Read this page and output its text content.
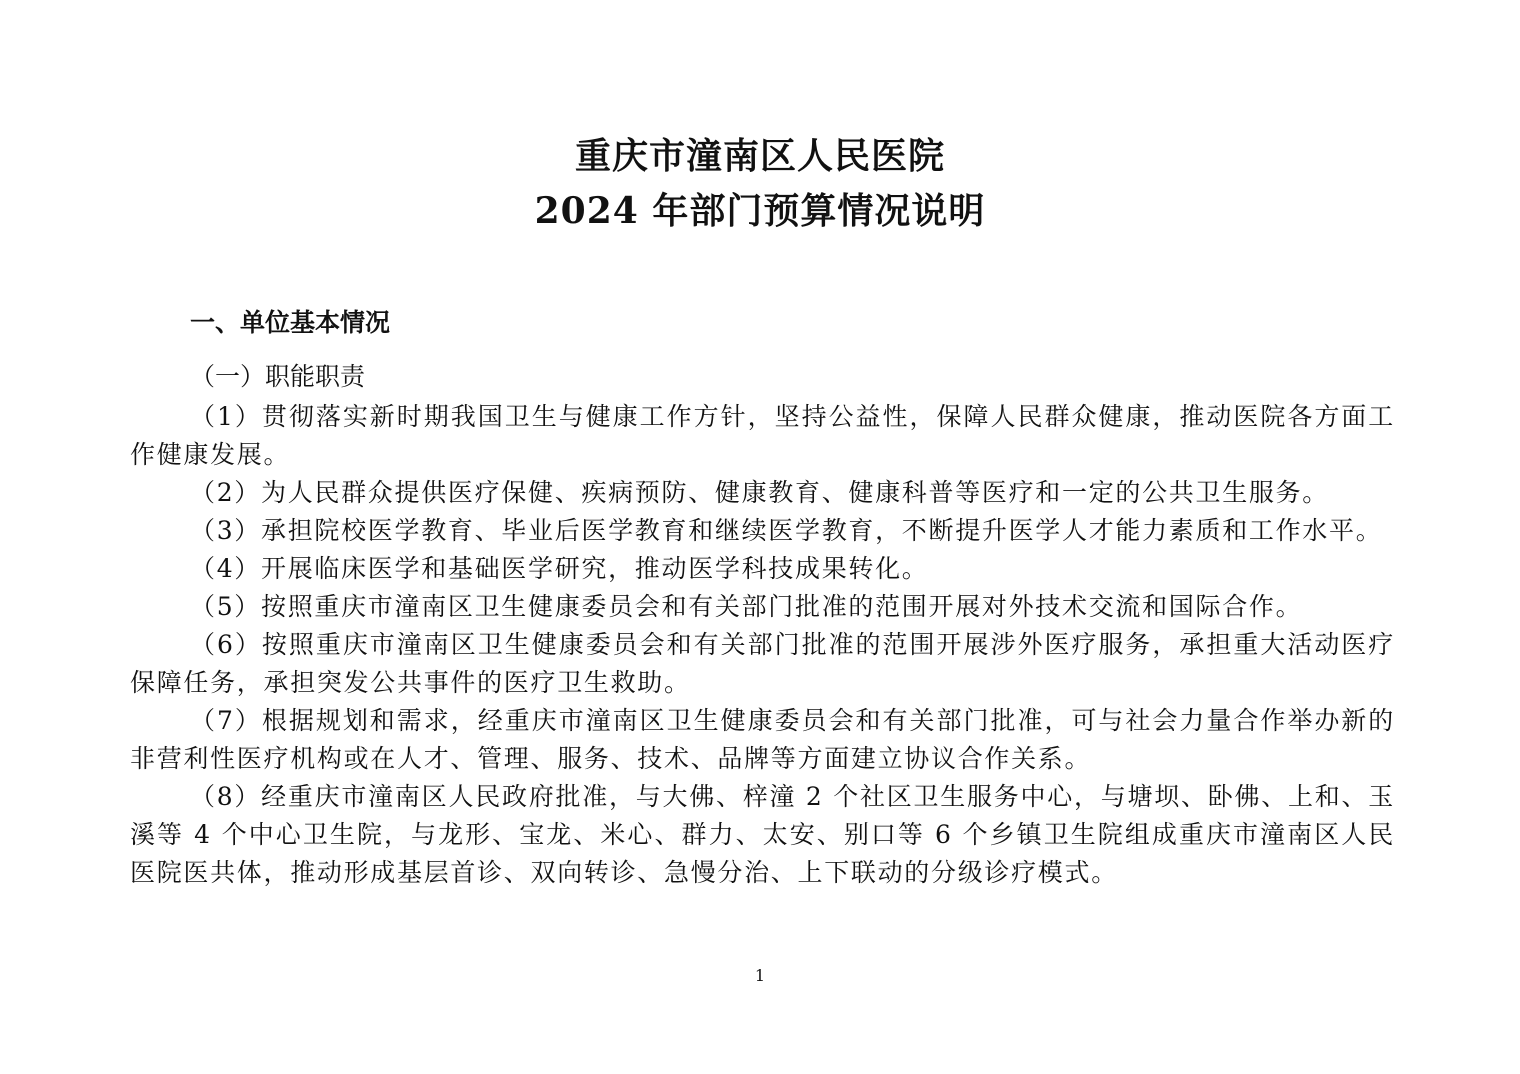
重庆市潼南区人民医院
2024 年部门预算情况说明
一、单位基本情况
（一）职能职责

（1）贯彻落实新时期我国卫生与健康工作方针，坚持公益性，保障人民群众健康，推动医院各方面工作健康发展。

（2）为人民群众提供医疗保健、疾病预防、健康教育、健康科普等医疗和一定的公共卫生服务。

（3）承担院校医学教育、毕业后医学教育和继续医学教育，不断提升医学人才能力素质和工作水平。

（4）开展临床医学和基础医学研究，推动医学科技成果转化。

（5）按照重庆市潼南区卫生健康委员会和有关部门批准的范围开展对外技术交流和国际合作。

（6）按照重庆市潼南区卫生健康委员会和有关部门批准的范围开展涉外医疗服务，承担重大活动医疗保障任务，承担突发公共事件的医疗卫生救助。

（7）根据规划和需求，经重庆市潼南区卫生健康委员会和有关部门批准，可与社会力量合作举办新的非营利性医疗机构或在人才、管理、服务、技术、品牌等方面建立协议合作关系。

（8）经重庆市潼南区人民政府批准，与大佛、梓潼 2 个社区卫生服务中心，与塘坝、卧佛、上和、玉溪等 4 个中心卫生院，与龙形、宝龙、米心、群力、太安、别口等 6 个乡镇卫生院组成重庆市潼南区人民医院医共体，推动形成基层首诊、双向转诊、急慢分治、上下联动的分级诊疗模式。

1
